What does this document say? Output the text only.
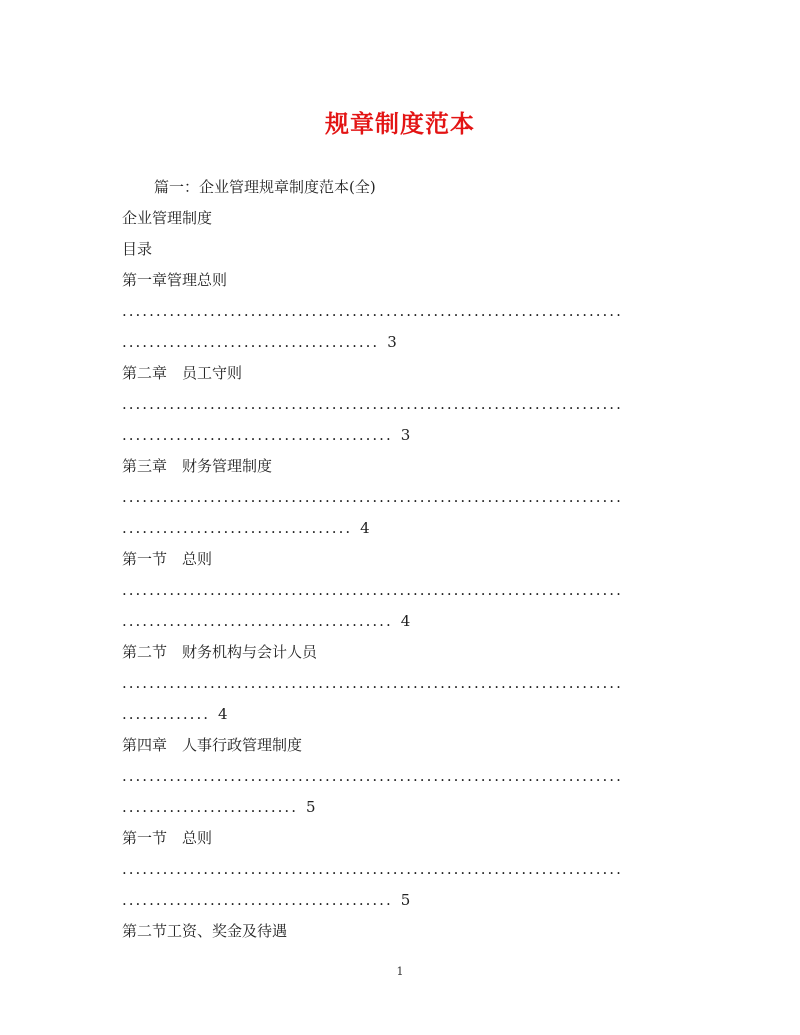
规章制度范本
篇一：企业管理规章制度范本(全)
企业管理制度
目录
第一章管理总则
..........................................................................
...................................... 3
第二章　员工守则
..........................................................................
........................................ 3
第三章　财务管理制度
..........................................................................
.................................. 4
第一节　总则
..........................................................................
........................................ 4
第二节　财务机构与会计人员
..........................................................................
............. 4
第四章　人事行政管理制度
..........................................................................
.......................... 5
第一节　总则
..........................................................................
........................................ 5
第二节工资、奖金及待遇
1
